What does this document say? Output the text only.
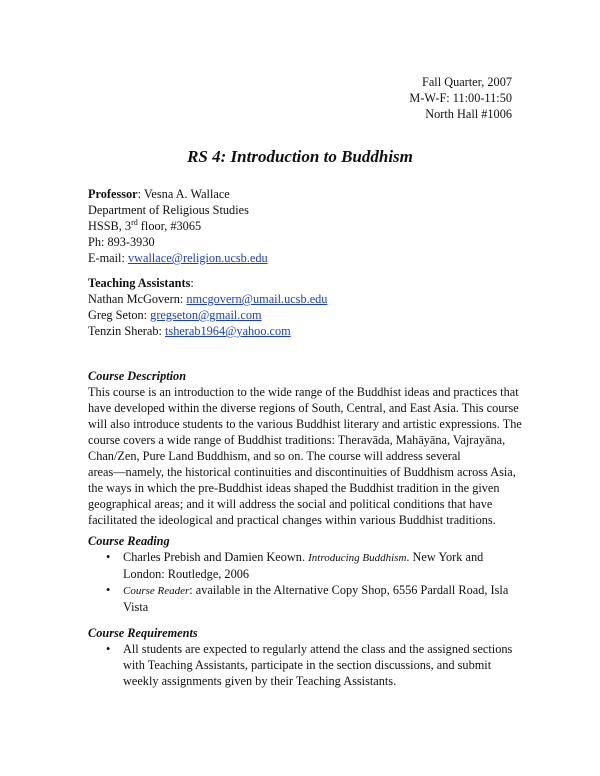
Fall Quarter, 2007
M-W-F: 11:00-11:50
North Hall #1006
RS 4: Introduction to Buddhism
Professor: Vesna A. Wallace
Department of Religious Studies
HSSB, 3rd floor, #3065
Ph: 893-3930
E-mail: vwallace@religion.ucsb.edu
Teaching Assistants:
Nathan McGovern: nmcgovern@umail.ucsb.edu
Greg Seton: gregseton@gmail.com
Tenzin Sherab: tsherab1964@yahoo.com
Course Description
This course is an introduction to the wide range of the Buddhist ideas and practices that
have developed within the diverse regions of South, Central, and East Asia. This course
will also introduce students to the various Buddhist literary and artistic expressions. The
course covers a wide range of Buddhist traditions: Theravāda, Mahāyāna, Vajrayāna,
Chan/Zen, Pure Land Buddhism, and so on. The course will address several
areas—namely, the historical continuities and discontinuities of Buddhism across Asia,
the ways in which the pre-Buddhist ideas shaped the Buddhist tradition in the given
geographical areas; and it will address the social and political conditions that have
facilitated the ideological and practical changes within various Buddhist traditions.
Course Reading
• Charles Prebish and Damien Keown. Introducing Buddhism. New York and
London: Routledge, 2006
• Course Reader: available in the Alternative Copy Shop, 6556 Pardall Road, Isla
Vista
Course Requirements
• All students are expected to regularly attend the class and the assigned sections
with Teaching Assistants, participate in the section discussions, and submit
weekly assignments given by their Teaching Assistants.
